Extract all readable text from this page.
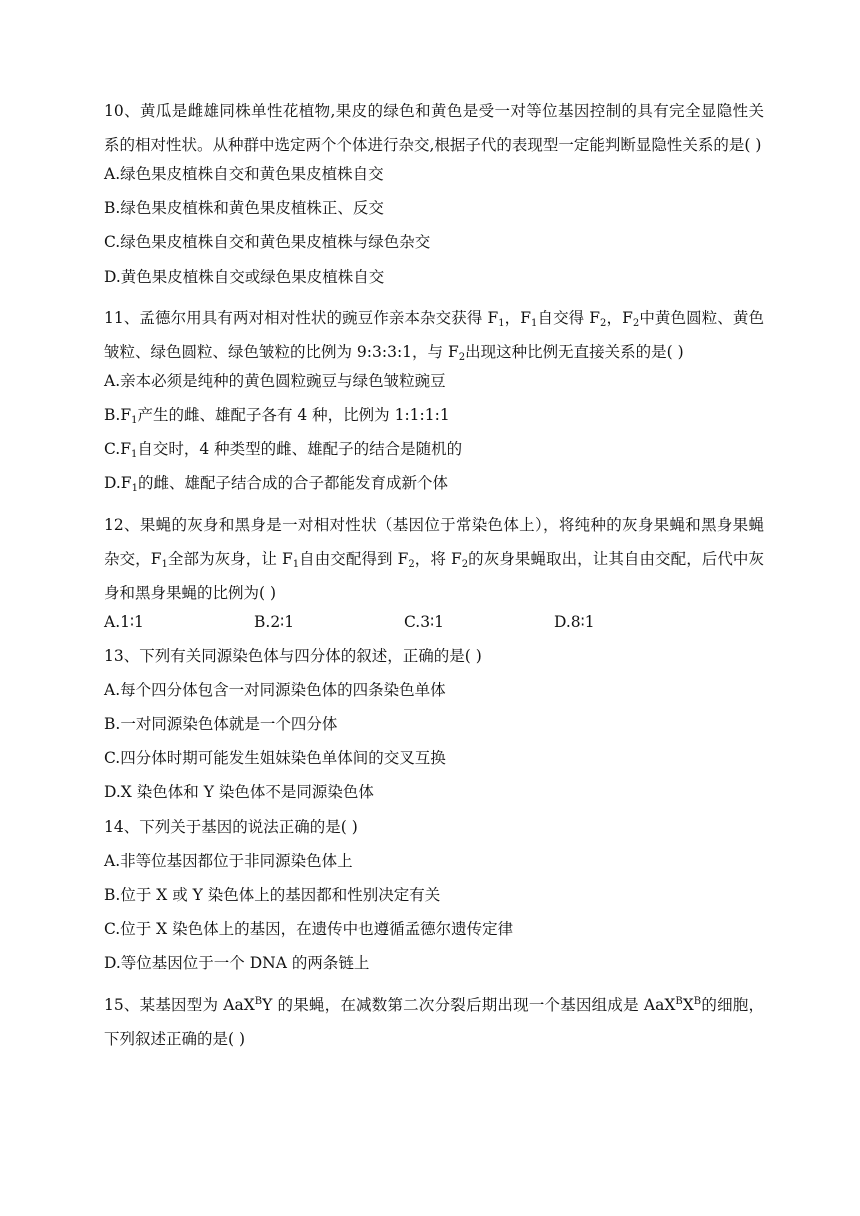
10、黄瓜是雌雄同株单性花植物,果皮的绿色和黄色是受一对等位基因控制的具有完全显隐性关系的相对性状。从种群中选定两个个体进行杂交,根据子代的表现型一定能判断显隐性关系的是( )
A.绿色果皮植株自交和黄色果皮植株自交
B.绿色果皮植株和黄色果皮植株正、反交
C.绿色果皮植株自交和黄色果皮植株与绿色杂交
D.黄色果皮植株自交或绿色果皮植株自交
11、孟德尔用具有两对相对性状的豌豆作亲本杂交获得 $F_1$，$F_1$自交得 $F_2$，$F_2$中黄色圆粒、黄色皱粒、绿色圆粒、绿色皱粒的比例为 9:3:3:1，与 $F_2$出现这种比例无直接关系的是( )
A.亲本必须是纯种的黄色圆粒豌豆与绿色皱粒豌豆
$B.F_1$产生的雌、雄配子各有 4 种，比例为 1:1:1:1
$C.F_1$自交时，4 种类型的雌、雄配子的结合是随机的
$D.F_1$的雌、雄配子结合成的合子都能发育成新个体
12、果蝇的灰身和黑身是一对相对性状（基因位于常染色体上），将纯种的灰身果蝇和黑身果蝇杂交，$F_1$全部为灰身，让 $F_1$自由交配得到 $F_2$，将 $F_2$的灰身果蝇取出，让其自由交配，后代中灰身和黑身果蝇的比例为( )
A.1∶1	B.2∶1	C.3∶1	D.8∶1
13、下列有关同源染色体与四分体的叙述，正确的是( )
A.每个四分体包含一对同源染色体的四条染色单体
B.一对同源染色体就是一个四分体
C.四分体时期可能发生姐妹染色单体间的交叉互换
D.X 染色体和 Y 染色体不是同源染色体
14、下列关于基因的说法正确的是( )
A.非等位基因都位于非同源染色体上
B.位于 X 或 Y 染色体上的基因都和性别决定有关
C.位于 X 染色体上的基因，在遗传中也遵循孟德尔遗传定律
D.等位基因位于一个 DNA 的两条链上
15、某基因型为 AaX$^B$Y 的果蝇，在减数第二次分裂后期出现一个基因组成是 $AaX^BX^B$的细胞，下列叙述正确的是( )
